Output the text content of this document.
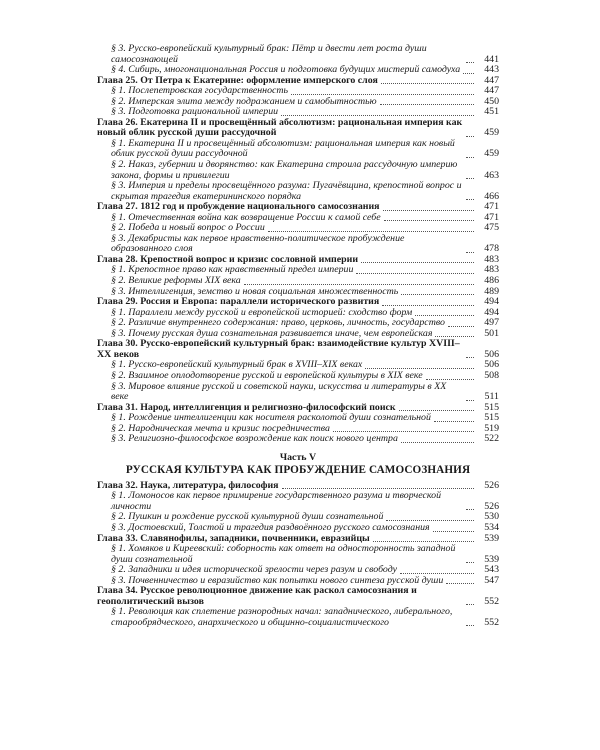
§ 3. Русско-европейский культурный брак: Пётр и двести лет роста души самосознающей	441
§ 4. Сибирь, многонациональная Россия и подготовка будущих мистерий самодуха	443
Глава 25. От Петра к Екатерине: оформление имперского слоя	447
§ 1. Послепетровская государственность	447
§ 2. Имперская элита между подражанием и самобытностью	450
§ 3. Подготовка рациональной империи	451
Глава 26. Екатерина II и просвещённый абсолютизм: рациональная империя как новый облик русской души рассудочной	459
§ 1. Екатерина II и просвещённый абсолютизм: рациональная империя как новый облик русской души рассудочной	459
§ 2. Наказ, губернии и дворянство: как Екатерина строила рассудочную империю закона, формы и привилегии	463
§ 3. Империя и пределы просвещённого разума: Пугачёвщина, крепостной вопрос и скрытая трагедия екатерининского порядка	466
Глава 27. 1812 год и пробуждение национального самосознания	471
§ 1. Отечественная война как возвращение России к самой себе	471
§ 2. Победа и новый вопрос о России	475
§ 3. Декабристы как первое нравственно-политическое пробуждение образованного слоя	478
Глава 28. Крепостной вопрос и кризис сословной империи	483
§ 1. Крепостное право как нравственный предел империи	483
§ 2. Великие реформы XIX века	486
§ 3. Интеллигенция, земство и новая социальная множественность	489
Глава 29. Россия и Европа: параллели исторического развития	494
§ 1. Параллели между русской и европейской историей: сходство форм	494
§ 2. Различие внутреннего содержания: право, церковь, личность, государство	497
§ 3. Почему русская душа сознательная развивается иначе, чем европейская	501
Глава 30. Русско-европейский культурный брак: взаимодействие культур XVIII–XX веков	506
§ 1. Русско-европейский культурный брак в XVIII–XIX веках	506
§ 2. Взаимное оплодотворение русской и европейской культуры в XIX веке	508
§ 3. Мировое влияние русской и советской науки, искусства и литературы в XX веке	511
Глава 31. Народ, интеллигенция и религиозно-философский поиск	515
§ 1. Рождение интеллигенции как носителя расколотой души сознательной	515
§ 2. Народническая мечта и кризис посредничества	519
§ 3. Религиозно-философское возрождение как поиск нового центра	522
Часть V
РУССКАЯ КУЛЬТУРА КАК ПРОБУЖДЕНИЕ САМОСОЗНАНИЯ
Глава 32. Наука, литература, философия	526
§ 1. Ломоносов как первое примирение государственного разума и творческой личности	526
§ 2. Пушкин и рождение русской культурной души сознательной	530
§ 3. Достоевский, Толстой и трагедия раздвоённого русского самосознания	534
Глава 33. Славянофилы, западники, почвенники, евразийцы	539
§ 1. Хомяков и Киреевский: соборность как ответ на односторонность западной души сознательной	539
§ 2. Западники и идея исторической зрелости через разум и свободу	543
§ 3. Почвенничество и евразийство как попытки нового синтеза русской души	547
Глава 34. Русское революционное движение как раскол самосознания и геополитический вызов	552
§ 1. Революция как сплетение разнородных начал: западнического, либерального, старообрядческого, анархического и общинно-социалистического	552
